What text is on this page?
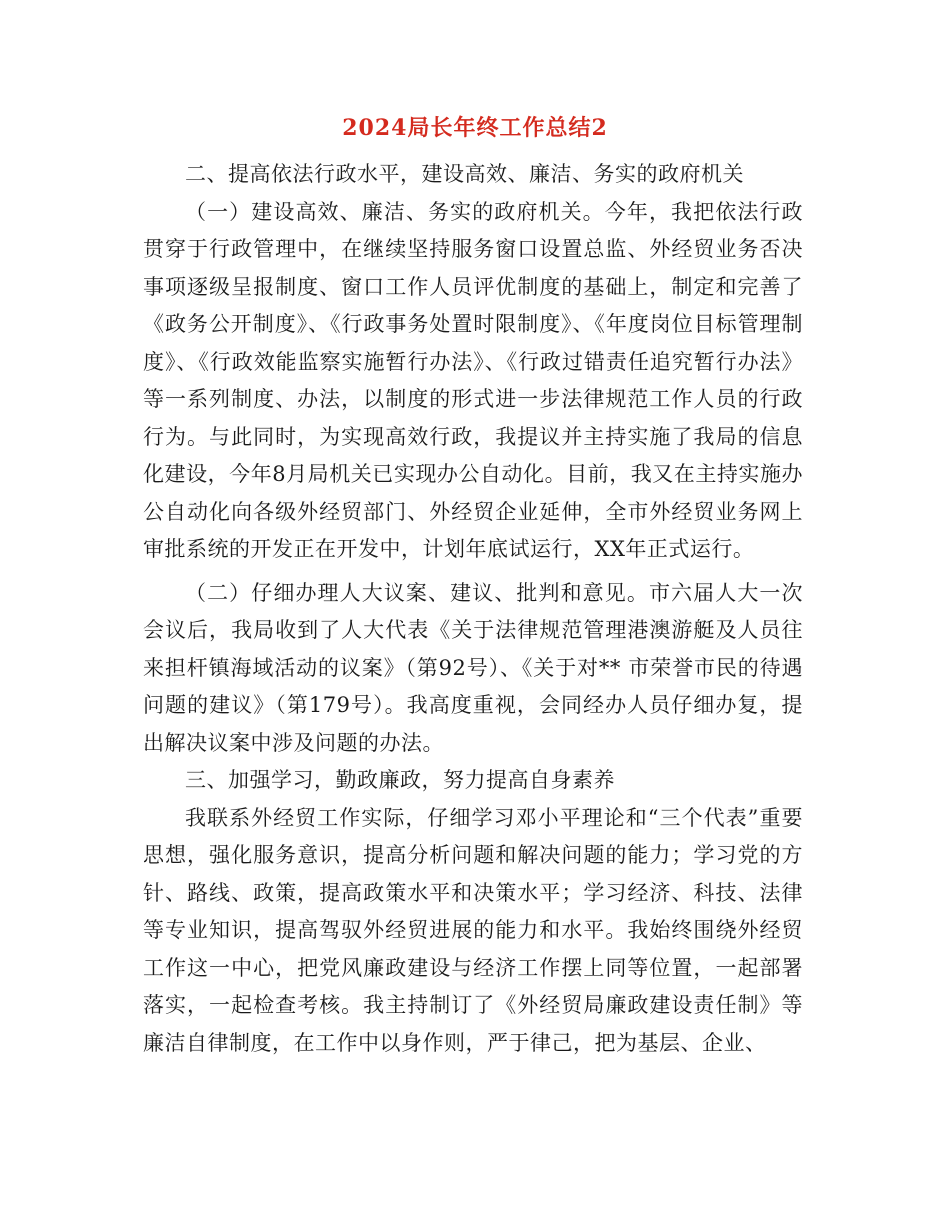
2024局长年终工作总结2

二、提高依法行政水平，建设高效、廉洁、务实的政府机关

（一）建设高效、廉洁、务实的政府机关。今年，我把依法行政贯穿于行政管理中，在继续坚持服务窗口设置总监、外经贸业务否决事项逐级呈报制度、窗口工作人员评优制度的基础上，制定和完善了《政务公开制度》、《行政事务处置时限制度》、《年度岗位目标管理制度》、《行政效能监察实施暂行办法》、《行政过错责任追究暂行办法》等一系列制度、办法，以制度的形式进一步法律规范工作人员的行政行为。与此同时，为实现高效行政，我提议并主持实施了我局的信息化建设，今年8月局机关已实现办公自动化。目前，我又在主持实施办公自动化向各级外经贸部门、外经贸企业延伸，全市外经贸业务网上审批系统的开发正在开发中，计划年底试运行，XX年正式运行。

（二）仔细办理人大议案、建议、批判和意见。市六届人大一次会议后，我局收到了人大代表《关于法律规范管理港澳游艇及人员往来担杆镇海域活动的议案》（第92号）、《关于对** 市荣誉市民的待遇问题的建议》（第179号）。我高度重视，会同经办人员仔细办复，提出解决议案中涉及问题的办法。

三、加强学习，勤政廉政，努力提高自身素养

我联系外经贸工作实际，仔细学习邓小平理论和“三个代表”重要思想，强化服务意识，提高分析问题和解决问题的能力；学习党的方针、路线、政策，提高政策水平和决策水平；学习经济、科技、法律等专业知识，提高驾驭外经贸进展的能力和水平。我始终围绕外经贸工作这一中心，把党风廉政建设与经济工作摆上同等位置，一起部署落实，一起检查考核。我主持制订了《外经贸局廉政建设责任制》等廉洁自律制度，在工作中以身作则，严于律己，把为基层、企业、
